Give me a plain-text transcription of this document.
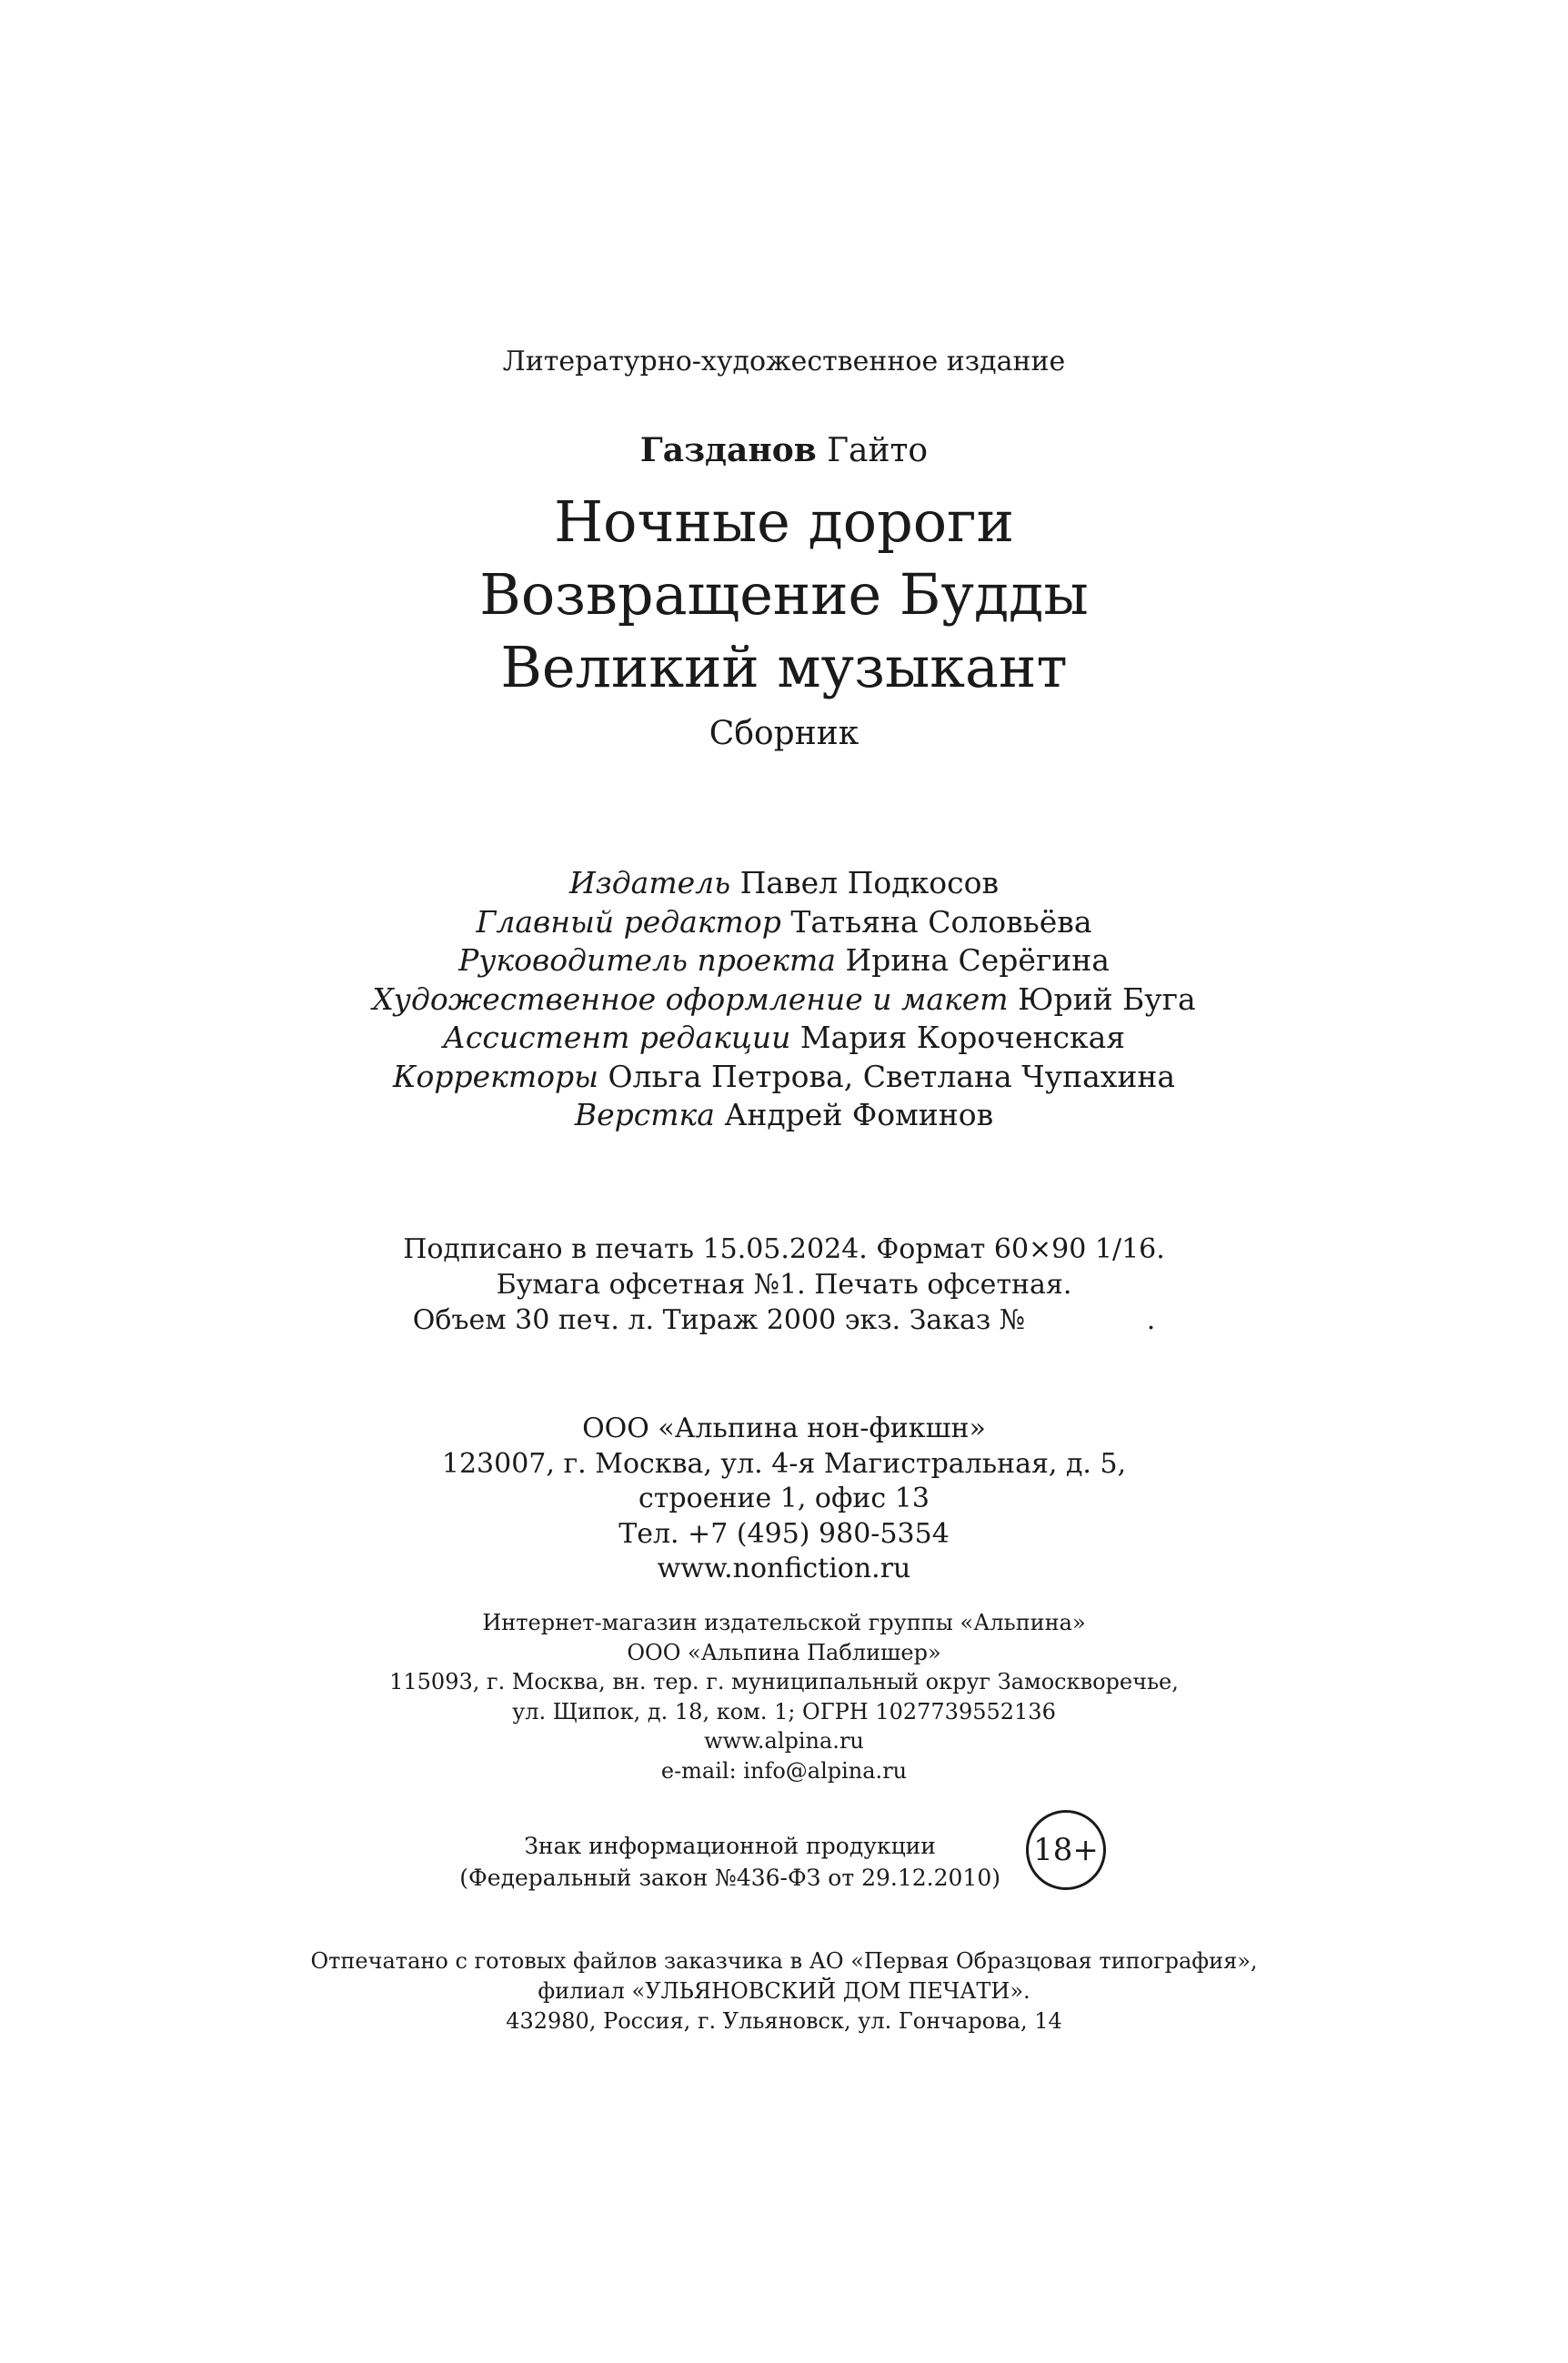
Литературно-художественное издание
Газданов Гайто
Ночные дороги
Возвращение Будды
Великий музыкант
Сборник
Издатель Павел Подкосов
Главный редактор Татьяна Соловьёва
Руководитель проекта Ирина Серёгина
Художественное оформление и макет Юрий Буга
Ассистент редакции Мария Короченская
Корректоры Ольга Петрова, Светлана Чупахина
Верстка Андрей Фоминов
Подписано в печать 15.05.2024. Формат 60×90 1/16.
Бумага офсетная №1. Печать офсетная.
Объем 30 печ. л. Тираж 2000 экз. Заказ №              .
ООО «Альпина нон-фикшн»
123007, г. Москва, ул. 4-я Магистральная, д. 5,
строение 1, офис 13
Тел. +7 (495) 980-5354
www.nonfiction.ru
Интернет-магазин издательской группы «Альпина»
ООО «Альпина Паблишер»
115093, г. Москва, вн. тер. г. муниципальный округ Замоскворечье,
ул. Щипок, д. 18, ком. 1; ОГРН 1027739552136
www.alpina.ru
e-mail: info@alpina.ru
Знак информационной продукции
(Федеральный закон №436-ФЗ от 29.12.2010)
18+
Отпечатано с готовых файлов заказчика в АО «Первая Образцовая типография»,
филиал «УЛЬЯНОВСКИЙ ДОМ ПЕЧАТИ».
432980, Россия, г. Ульяновск, ул. Гончарова, 14
